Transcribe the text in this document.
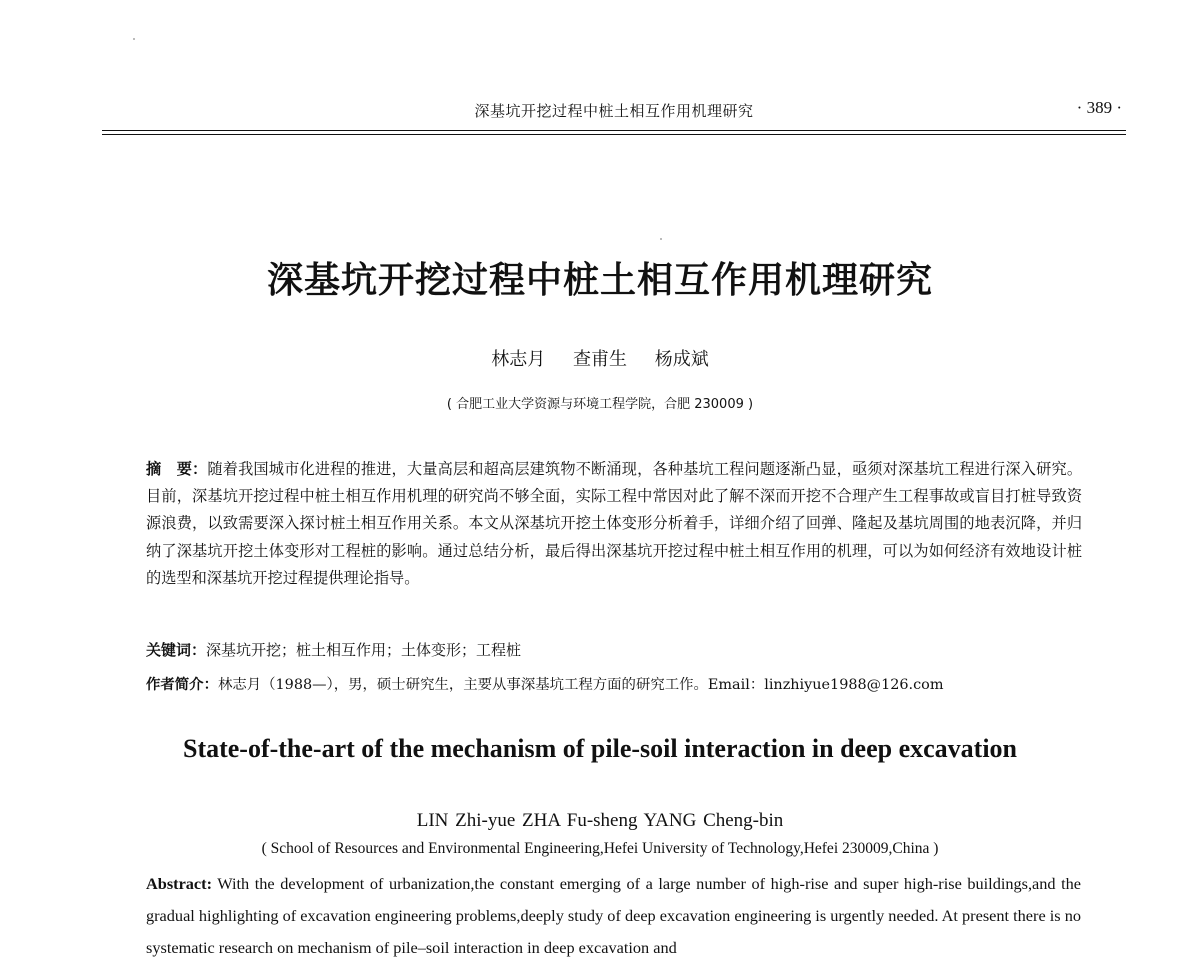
深基坑开挖过程中桩土相互作用机理研究	· 389 ·
深基坑开挖过程中桩土相互作用机理研究
林志月 查甫生 杨成斌
( 合肥工业大学资源与环境工程学院，合肥 230009 )
摘　要：随着我国城市化进程的推进，大量高层和超高层建筑物不断涌现，各种基坑工程问题逐渐凸显，亟须对深基坑工程进行深入研究。目前，深基坑开挖过程中桩土相互作用机理的研究尚不够全面，实际工程中常因对此了解不深而开挖不合理产生工程事故或盲目打桩导致资源浪费，以致需要深入探讨桩土相互作用关系。本文从深基坑开挖土体变形分析着手，详细介绍了回弹、隆起及基坑周围的地表沉降，并归纳了深基坑开挖土体变形对工程桩的影响。通过总结分析，最后得出深基坑开挖过程中桩土相互作用的机理，可以为如何经济有效地设计桩的选型和深基坑开挖过程提供理论指导。
关键词：深基坑开挖；桩土相互作用；土体变形；工程桩
作者简介：林志月（1988—），男，硕士研究生，主要从事深基坑工程方面的研究工作。Email：linzhiyue1988@126.com
State-of-the-art of the mechanism of pile-soil interaction in deep excavation
LIN Zhi-yue ZHA Fu-sheng YANG Cheng-bin
( School of Resources and Environmental Engineering,Hefei University of Technology,Hefei 230009,China )
Abstract: With the development of urbanization,the constant emerging of a large number of high-rise and super high-rise buildings,and the gradual highlighting of excavation engineering problems,deeply study of deep excavation engineering is urgently needed. At present there is no systematic research on mechanism of pile–soil interaction in deep excavation and
